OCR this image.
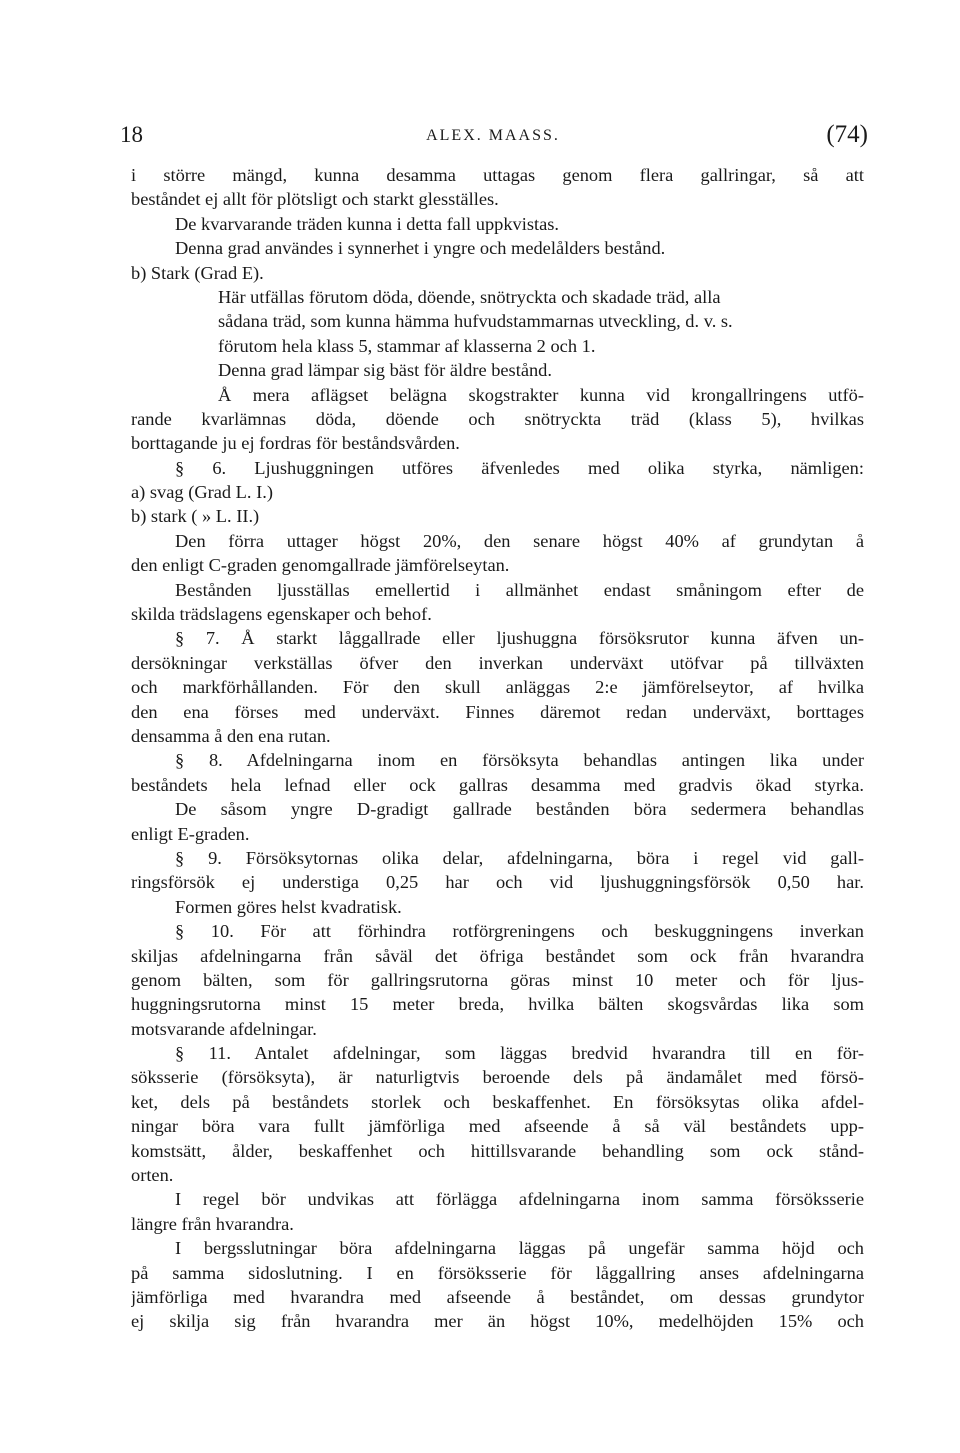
18	ALEX. MAASS.	(74)
i större mängd, kunna desamma uttagas genom flera gallringar, så att
beståndet ej allt för plötsligt och starkt glesställes.
De kvarvarande träden kunna i detta fall uppkvistas.
Denna grad användes i synnerhet i yngre och medelålders bestånd.
b) Stark (Grad E).
Här utfällas förutom döda, döende, snötryckta och skadade träd, alla
sådana träd, som kunna hämma hufvudstammarnas utveckling, d. v. s.
förutom hela klass 5, stammar af klasserna 2 och 1.
Denna grad lämpar sig bäst för äldre bestånd.
Å mera aflägset belägna skogstrakter kunna vid krongallringens utfö-
rande kvarlämnas döda, döende och snötryckta träd (klass 5), hvilkas
borttagande ju ej fordras för beståndsvården.
§ 6. Ljushuggningen utföres äfvenledes med olika styrka, nämligen:
a) svag (Grad L. I.)
b) stark ( » L. II.)
Den förra uttager högst 20%, den senare högst 40% af grundytan å
den enligt C-graden genomgallrade jämförelseytan.
Bestånden ljusställas emellertid i allmänhet endast småningom efter de
skilda trädslagens egenskaper och behof.
§ 7. Å starkt låggallrade eller ljushuggna försöksrutor kunna äfven un-
dersökningar verkställas öfver den inverkan underväxt utöfvar på tillväxten
och markförhållanden. För den skull anläggas 2:e jämförelseytor, af hvilka
den ena förses med underväxt. Finnes däremot redan underväxt, borttages
densamma å den ena rutan.
§ 8. Afdelningarna inom en försöksyta behandlas antingen lika under
beståndets hela lefnad eller ock gallras desamma med gradvis ökad styrka.
De såsom yngre D-gradigt gallrade bestånden böra sedermera behandlas
enligt E-graden.
§ 9. Försöksytornas olika delar, afdelningarna, böra i regel vid gall-
ringsförsök ej understiga 0,25 har och vid ljushuggningsförsök 0,50 har.
Formen göres helst kvadratisk.
§ 10. För att förhindra rotförgreningens och beskuggningens inverkan
skiljas afdelningarna från såväl det öfriga beståndet som ock från hvarandra
genom bälten, som för gallringsrutorna göras minst 10 meter och för ljus-
huggningsrutorna minst 15 meter breda, hvilka bälten skogsvårdas lika som
motsvarande afdelningar.
§ 11. Antalet afdelningar, som läggas bredvid hvarandra till en för-
söksserie (försöksyta), är naturligtvis beroende dels på ändamålet med försö-
ket, dels på beståndets storlek och beskaffenhet. En försöksytas olika afdel-
ningar böra vara fullt jämförliga med afseende å så väl beståndets upp-
komstsätt, ålder, beskaffenhet och hittillsvarande behandling som ock stånd-
orten.
I regel bör undvikas att förlägga afdelningarna inom samma försöksserie
längre från hvarandra.
I bergsslutningar böra afdelningarna läggas på ungefär samma höjd och
på samma sidoslutning. I en försöksserie för låggallring anses afdelningarna
jämförliga med hvarandra med afseende å beståndet, om dessas grundytor
ej skilja sig från hvarandra mer än högst 10%, medelhöjden 15% och
